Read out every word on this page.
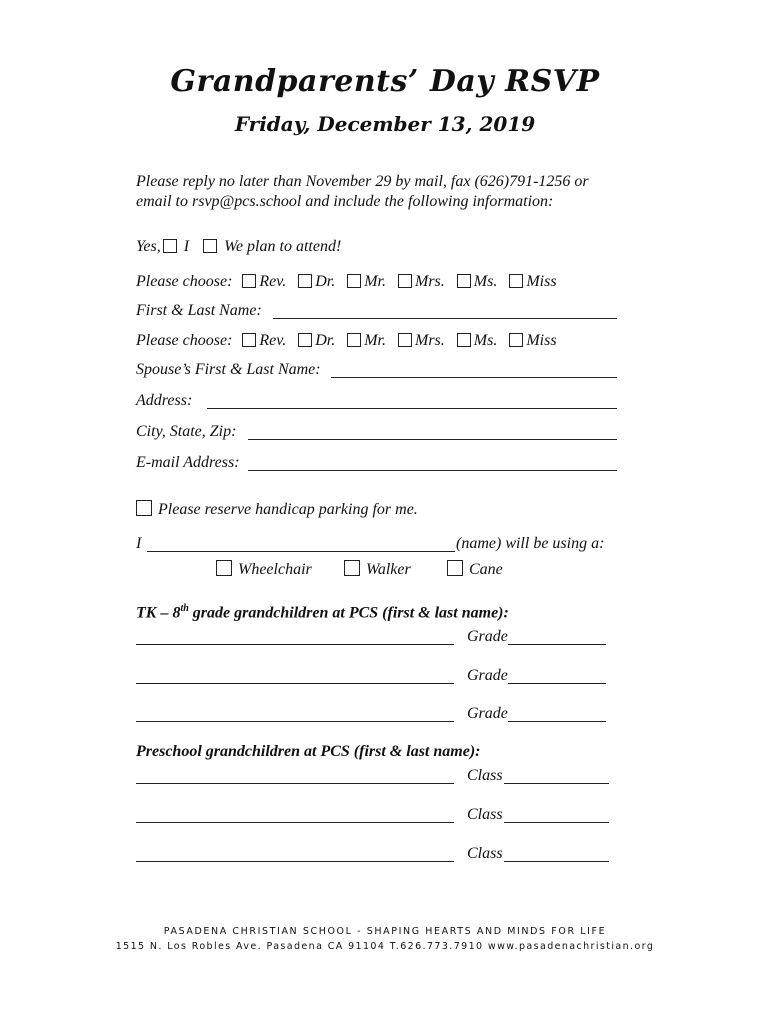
Grandparents’ Day RSVP
Friday, December 13, 2019
Please reply no later than November 29 by mail, fax (626)791-1256 or email to rsvp@pcs.school and include the following information:
Yes, I We plan to attend!
Please choose: Rev. Dr. Mr. Mrs. Ms. Miss
First & Last Name:
Please choose: Rev. Dr. Mr. Mrs. Ms. Miss
Spouse’s First & Last Name:
Address:
City, State, Zip:
E-mail Address:
Please reserve handicap parking for me.
I	(name) will be using a:
Wheelchair	Walker	Cane
TK – 8th grade grandchildren at PCS (first & last name):
Grade
Grade
Grade
Preschool grandchildren at PCS (first & last name):
Class
Class
Class
PASADENA CHRISTIAN SCHOOL - SHAPING HEARTS AND MINDS FOR LIFE
1515 N. Los Robles Ave. Pasadena CA 91104 T.626.773.7910 www.pasadenachristian.org
